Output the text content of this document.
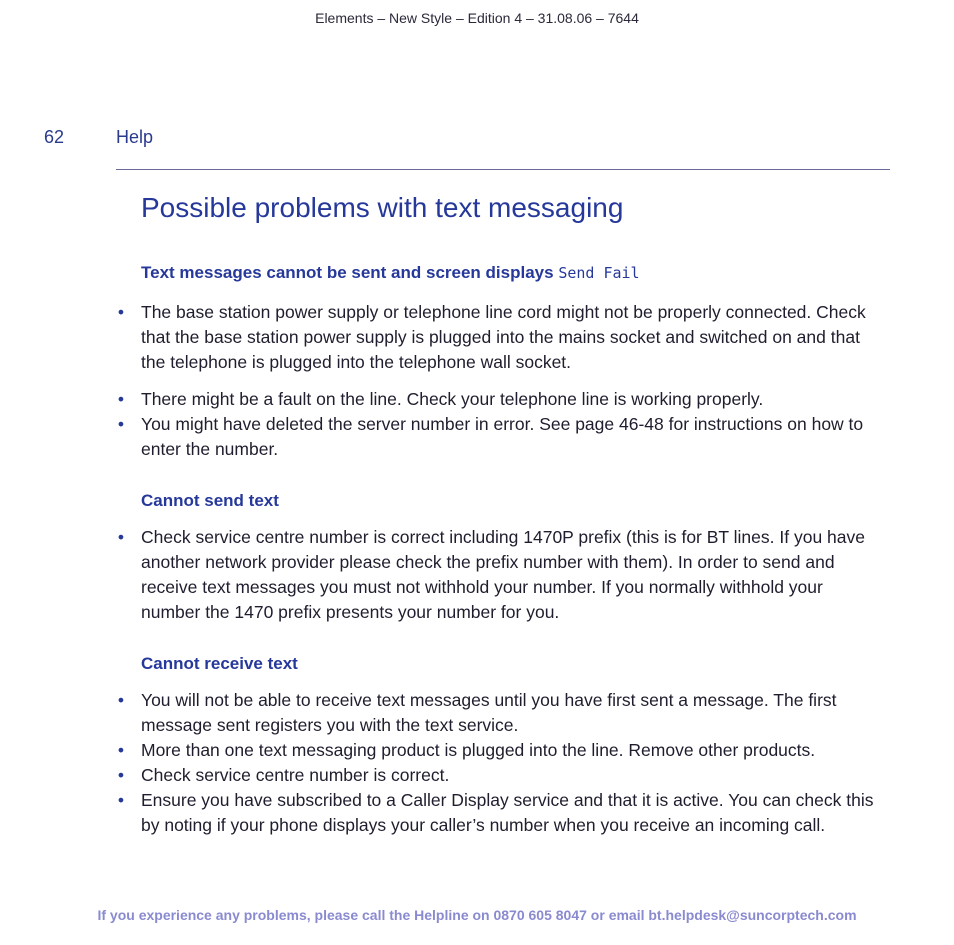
Elements – New Style – Edition 4 – 31.08.06 – 7644
62	Help
Possible problems with text messaging
Text messages cannot be sent and screen displays Send Fail
• The base station power supply or telephone line cord might not be properly connected. Check that the base station power supply is plugged into the mains socket and switched on and that the telephone is plugged into the telephone wall socket.
• There might be a fault on the line. Check your telephone line is working properly.
• You might have deleted the server number in error. See page 46-48 for instructions on how to enter the number.
Cannot send text
• Check service centre number is correct including 1470P prefix (this is for BT lines. If you have another network provider please check the prefix number with them). In order to send and receive text messages you must not withhold your number. If you normally withhold your number the 1470 prefix presents your number for you.
Cannot receive text
• You will not be able to receive text messages until you have first sent a message. The first message sent registers you with the text service.
• More than one text messaging product is plugged into the line. Remove other products.
• Check service centre number is correct.
• Ensure you have subscribed to a Caller Display service and that it is active. You can check this by noting if your phone displays your caller’s number when you receive an incoming call.
If you experience any problems, please call the Helpline on 0870 605 8047 or email bt.helpdesk@suncorptech.com
